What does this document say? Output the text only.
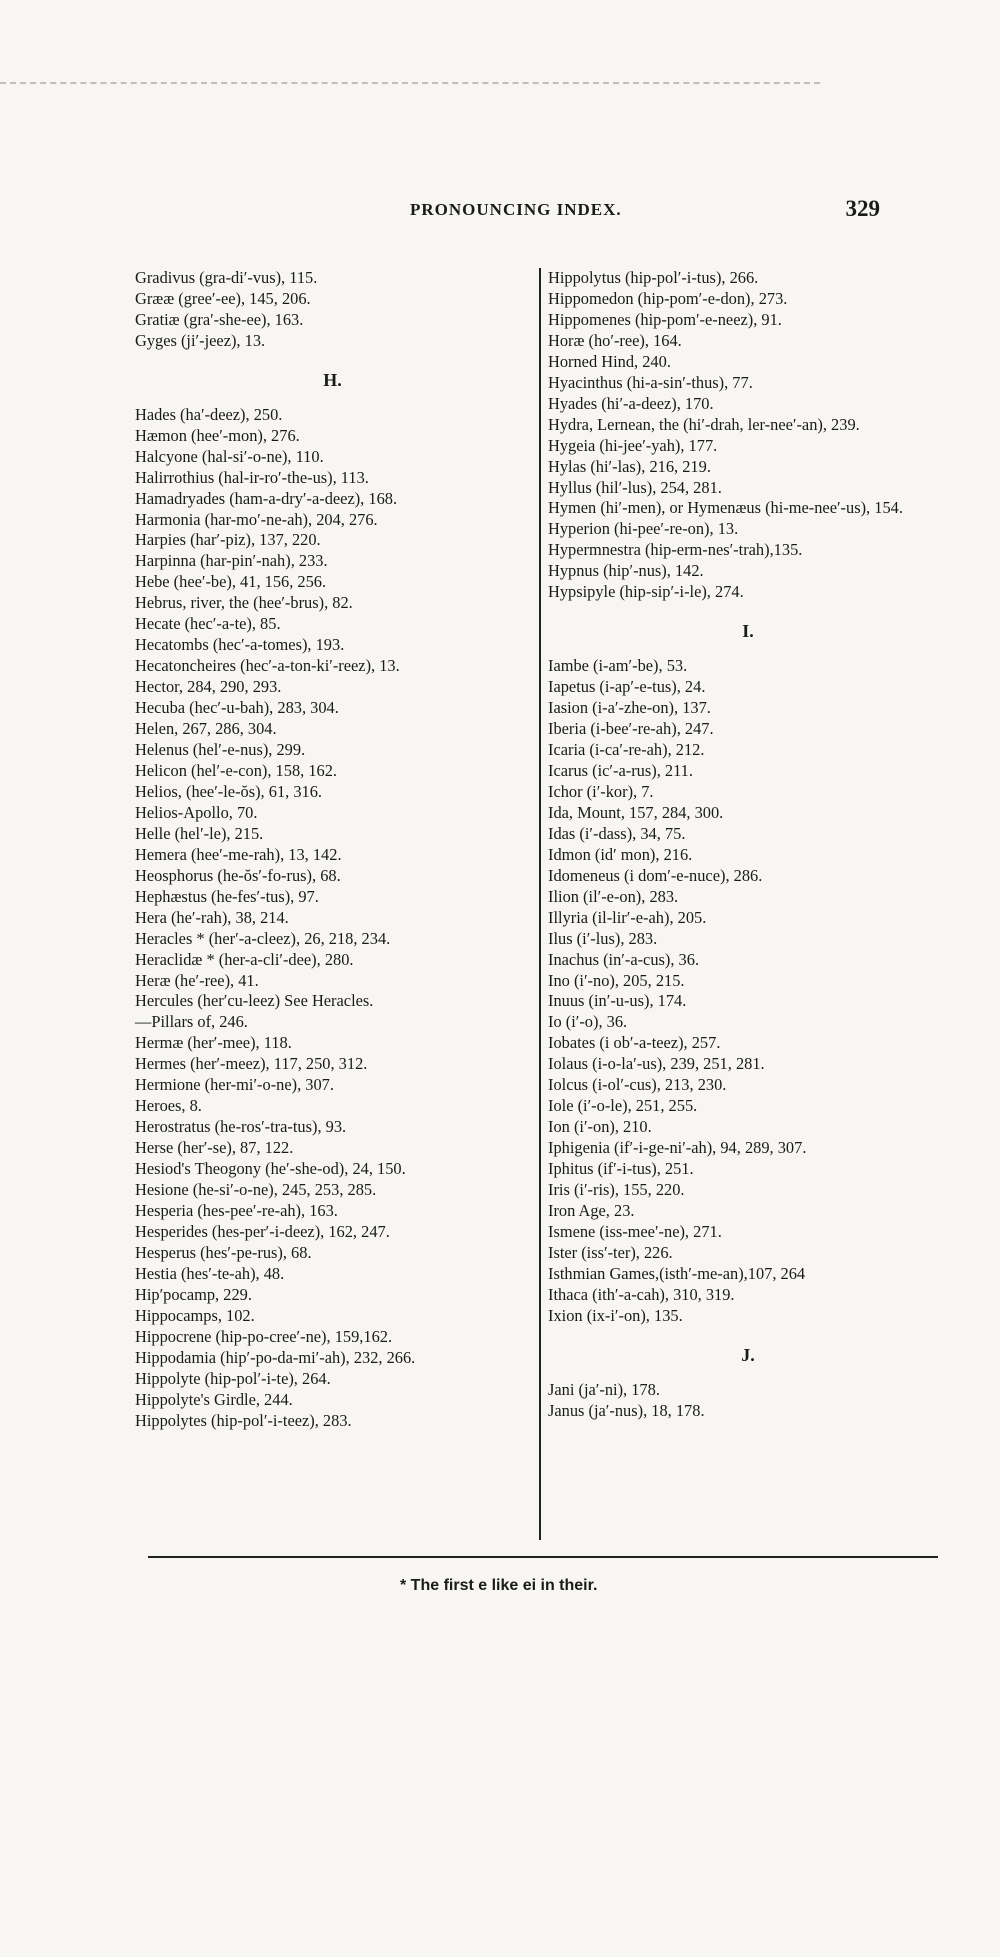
PRONOUNCING INDEX.	329

Gradivus (gra-di′-vus), 115.

Grææ (gree′-ee), 145, 206.

Gratiæ (gra′-she-ee), 163.

Gyges (ji′-jeez), 13.

H.

Hades (ha′-deez), 250.

Hæmon (hee′-mon), 276.

Halcyone (hal-si′-o-ne), 110.

Halirrothius (hal-ir-ro′-the-us), 113.

Hamadryades (ham-a-dry′-a-deez), 168.

Harmonia (har-mo′-ne-ah), 204, 276.

Harpies (har′-piz), 137, 220.

Harpinna (har-pin′-nah), 233.

Hebe (hee′-be), 41, 156, 256.

Hebrus, river, the (hee′-brus), 82.

Hecate (hec′-a-te), 85.

Hecatombs (hec′-a-tomes), 193.

Hecatoncheires (hec′-a-ton-ki′-reez), 13.

Hector, 284, 290, 293.

Hecuba (hec′-u-bah), 283, 304.

Helen, 267, 286, 304.

Helenus (hel′-e-nus), 299.

Helicon (hel′-e-con), 158, 162.

Helios, (hee′-le-ŏs), 61, 316.

Helios-Apollo, 70.

Helle (hel′-le), 215.

Hemera (hee′-me-rah), 13, 142.

Heosphorus (he-ŏs′-fo-rus), 68.

Hephæstus (he-fes′-tus), 97.

Hera (he′-rah), 38, 214.

Heracles * (her′-a-cleez), 26, 218, 234.

Heraclidæ * (her-a-cli′-dee), 280.

Heræ (he′-ree), 41.

Hercules (her′cu-leez) See Heracles.

—Pillars of, 246.

Hermæ (her′-mee), 118.

Hermes (her′-meez), 117, 250, 312.

Hermione (her-mi′-o-ne), 307.

Heroes, 8.

Herostratus (he-ros′-tra-tus), 93.

Herse (her′-se), 87, 122.

Hesiod's Theogony (he′-she-od), 24, 150.

Hesione (he-si′-o-ne), 245, 253, 285.

Hesperia (hes-pee′-re-ah), 163.

Hesperides (hes-per′-i-deez), 162, 247.

Hesperus (hes′-pe-rus), 68.

Hestia (hes′-te-ah), 48.

Hip′pocamp, 229.

Hippocamps, 102.

Hippocrene (hip-po-cree′-ne), 159,162.

Hippodamia (hip′-po-da-mi′-ah), 232, 266.

Hippolyte (hip-pol′-i-te), 264.

Hippolyte's Girdle, 244.

Hippolytes (hip-pol′-i-teez), 283.

Hippolytus (hip-pol′-i-tus), 266.

Hippomedon (hip-pom′-e-don), 273.

Hippomenes (hip-pom′-e-neez), 91.

Horæ (ho′-ree), 164.

Horned Hind, 240.

Hyacinthus (hi-a-sin′-thus), 77.

Hyades (hi′-a-deez), 170.

Hydra, Lernean, the (hi′-drah, ler-nee′-an), 239.

Hygeia (hi-jee′-yah), 177.

Hylas (hi′-las), 216, 219.

Hyllus (hil′-lus), 254, 281.

Hymen (hi′-men), or Hymenæus (hi-me-nee′-us), 154.

Hyperion (hi-pee′-re-on), 13.

Hypermnestra (hip-erm-nes′-trah),135.

Hypnus (hip′-nus), 142.

Hypsipyle (hip-sip′-i-le), 274.

I.

Iambe (i-am′-be), 53.

Iapetus (i-ap′-e-tus), 24.

Iasion (i-a′-zhe-on), 137.

Iberia (i-bee′-re-ah), 247.

Icaria (i-ca′-re-ah), 212.

Icarus (ic′-a-rus), 211.

Ichor (i′-kor), 7.

Ida, Mount, 157, 284, 300.

Idas (i′-dass), 34, 75.

Idmon (id′ mon), 216.

Idomeneus (i dom′-e-nuce), 286.

Ilion (il′-e-on), 283.

Illyria (il-lir′-e-ah), 205.

Ilus (i′-lus), 283.

Inachus (in′-a-cus), 36.

Ino (i′-no), 205, 215.

Inuus (in′-u-us), 174.

Io (i′-o), 36.

Iobates (i ob′-a-teez), 257.

Iolaus (i-o-la′-us), 239, 251, 281.

Iolcus (i-ol′-cus), 213, 230.

Iole (i′-o-le), 251, 255.

Ion (i′-on), 210.

Iphigenia (if′-i-ge-ni′-ah), 94, 289, 307.

Iphitus (if′-i-tus), 251.

Iris (i′-ris), 155, 220.

Iron Age, 23.

Ismene (iss-mee′-ne), 271.

Ister (iss′-ter), 226.

Isthmian Games,(isth′-me-an),107, 264

Ithaca (ith′-a-cah), 310, 319.

Ixion (ix-i′-on), 135.

J.

Jani (ja′-ni), 178.

Janus (ja′-nus), 18, 178.

* The first e like ei in their.
